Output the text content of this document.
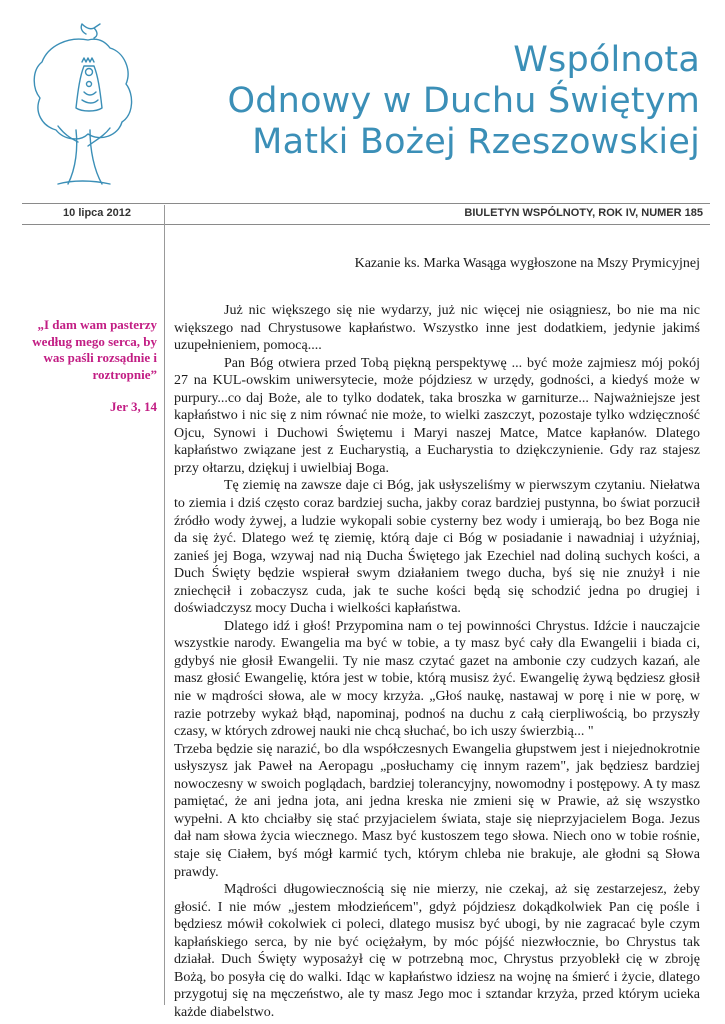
Wspólnota
Odnowy w Duchu Świętym
Matki Bożej Rzeszowskiej
10 lipca 2012	BIULETYN WSPÓLNOTY, ROK IV, NUMER 185
„I dam wam pasterzy według mego serca, by was paśli rozsądnie i roztropnie”
Jer 3, 14
Kazanie ks. Marka Wasąga wygłoszone na Mszy Prymicyjnej

Już nic większego się nie wydarzy, już nic więcej nie osiągniesz, bo nie ma nic większego nad Chrystusowe kapłaństwo. Wszystko inne jest dodatkiem, jedynie jakimś uzupełnieniem, pomocą....

Pan Bóg otwiera przed Tobą piękną perspektywę ... być może zajmiesz mój pokój 27 na KUL-owskim uniwersytecie, może pójdziesz w urzędy, godności, a kiedyś może w purpury...co daj Boże, ale to tylko dodatek, taka broszka w garniturze... Najważniejsze jest kapłaństwo i nic się z nim równać nie może, to wielki zaszczyt, pozostaje tylko wdzięczność Ojcu, Synowi i Duchowi Świętemu i Maryi naszej Matce, Matce kapłanów. Dlatego kapłaństwo związane jest z Eucharystią, a Eucharystia to dziękczynienie. Gdy raz stajesz przy ołtarzu, dziękuj i uwielbiaj Boga.

Tę ziemię na zawsze daje ci Bóg, jak usłyszeliśmy w pierwszym czytaniu. Niełatwa to ziemia i dziś często coraz bardziej sucha, jakby coraz bardziej pustynna, bo świat porzucił źródło wody żywej, a ludzie wykopali sobie cysterny bez wody i umierają, bo bez Boga nie da się żyć. Dlatego weź tę ziemię, którą daje ci Bóg w posiadanie i nawadniaj i użyźniaj, zanieś jej Boga, wzywaj nad nią Ducha Świętego jak Ezechiel nad doliną suchych kości, a Duch Święty będzie wspierał swym działaniem twego ducha, byś się nie znużył i nie zniechęcił i zobaczysz cuda, jak te suche kości będą się schodzić jedna po drugiej i doświadczysz mocy Ducha i wielkości kapłaństwa.

Dlatego idź i głoś! Przypomina nam o tej powinności Chrystus. Idźcie i nauczajcie wszystkie narody. Ewangelia ma być w tobie, a ty masz być cały dla Ewangelii i biada ci, gdybyś nie głosił Ewangelii. Ty nie masz czytać gazet na ambonie czy cudzych kazań, ale masz głosić Ewangelię, która jest w tobie, którą musisz żyć. Ewangelię żywą będziesz głosił nie w mądrości słowa, ale w mocy krzyża. „Głoś naukę, nastawaj w porę i nie w porę, w razie potrzeby wykaż błąd, napominaj, podnoś na duchu z całą cierpliwością, bo przyszły czasy, w których zdrowej nauki nie chcą słuchać, bo ich uszy świerzbią... "

Trzeba będzie się narazić, bo dla współczesnych Ewangelia głupstwem jest i niejednokrotnie usłyszysz jak Paweł na Aeropagu „posłuchamy cię innym razem", jak będziesz bardziej nowoczesny w swoich poglądach, bardziej tolerancyjny, nowomodny i postępowy. A ty masz pamiętać, że ani jedna jota, ani jedna kreska nie zmieni się w Prawie, aż się wszystko wypełni. A kto chciałby się stać przyjacielem świata, staje się nieprzyjacielem Boga. Jezus dał nam słowa życia wiecznego. Masz być kustoszem tego słowa. Niech ono w tobie rośnie, staje się Ciałem, byś mógł karmić tych, którym chleba nie brakuje, ale głodni są Słowa prawdy.

Mądrości długowiecznością się nie mierzy, nie czekaj, aż się zestarzejesz, żeby głosić. I nie mów „jestem młodzieńcem", gdyż pójdziesz dokądkolwiek Pan cię pośle i będziesz mówił cokolwiek ci poleci, dlatego musisz być ubogi, by nie zagracać byle czym kapłańskiego serca, by nie być ociężałym, by móc pójść niezwłocznie, bo Chrystus tak działał. Duch Święty wyposażył cię w potrzebną moc, Chrystus przyoblekł cię w zbroję Bożą, bo posyła cię do walki. Idąc w kapłaństwo idziesz na wojnę na śmierć i życie, dlatego przygotuj się na męczeństwo, ale ty masz Jego moc i sztandar krzyża, przed którym ucieka każde diabelstwo.
